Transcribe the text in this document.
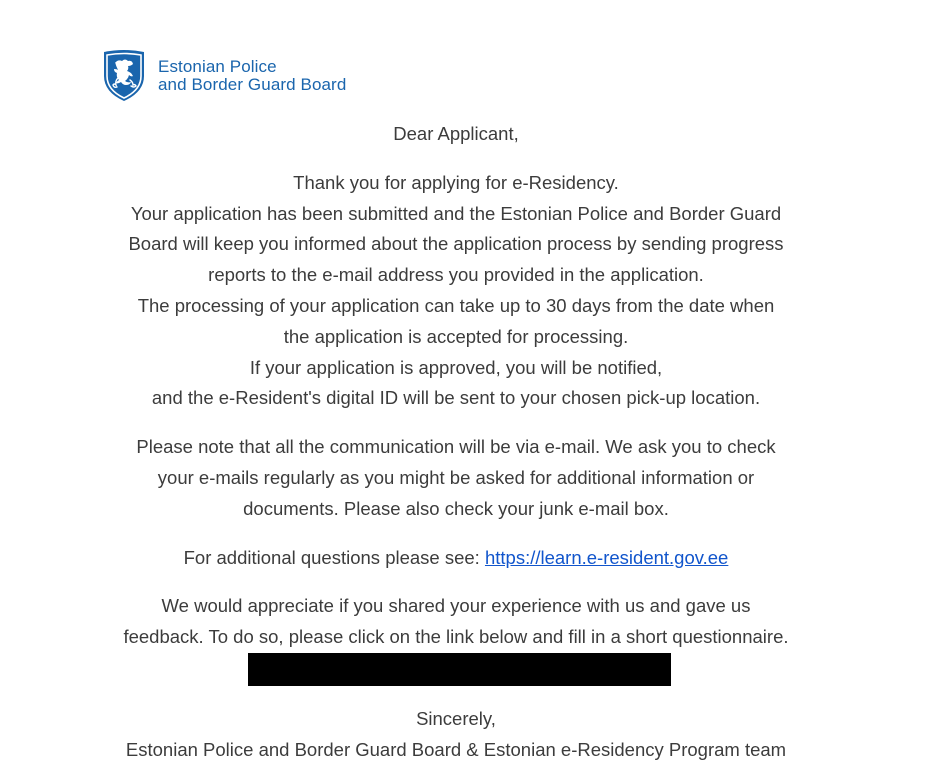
Estonian Police
and Border Guard Board

Dear Applicant,

Thank you for applying for e-Residency.
Your application has been submitted and the Estonian Police and Border Guard
Board will keep you informed about the application process by sending progress
reports to the e-mail address you provided in the application.
The processing of your application can take up to 30 days from the date when
the application is accepted for processing.
If your application is approved, you will be notified,
and the e-Resident's digital ID will be sent to your chosen pick-up location.

Please note that all the communication will be via e-mail. We ask you to check
your e-mails regularly as you might be asked for additional information or
documents. Please also check your junk e-mail box.

For additional questions please see: https://learn.e-resident.gov.ee

We would appreciate if you shared your experience with us and gave us
feedback. To do so, please click on the link below and fill in a short questionnaire.

Sincerely,
Estonian Police and Border Guard Board & Estonian e-Residency Program team
